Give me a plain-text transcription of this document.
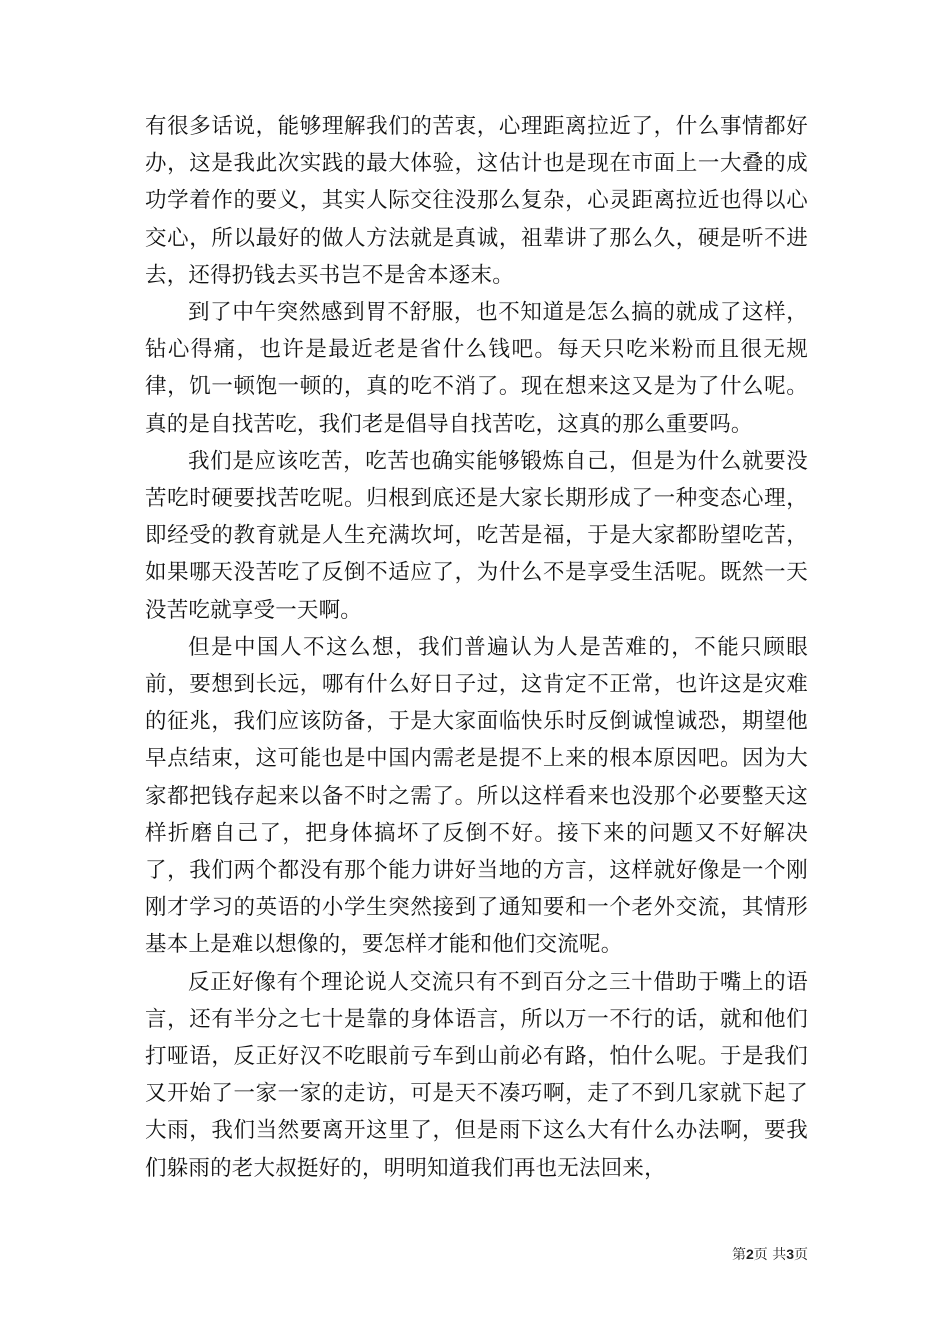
有很多话说，能够理解我们的苦衷，心理距离拉近了，什么事情都好办，这是我此次实践的最大体验，这估计也是现在市面上一大叠的成功学着作的要义，其实人际交往没那么复杂，心灵距离拉近也得以心交心，所以最好的做人方法就是真诚，祖辈讲了那么久，硬是听不进去，还得扔钱去买书岂不是舍本逐末。

到了中午突然感到胃不舒服，也不知道是怎么搞的就成了这样，钻心得痛，也许是最近老是省什么钱吧。每天只吃米粉而且很无规律，饥一顿饱一顿的，真的吃不消了。现在想来这又是为了什么呢。真的是自找苦吃，我们老是倡导自找苦吃，这真的那么重要吗。

我们是应该吃苦，吃苦也确实能够锻炼自己，但是为什么就要没苦吃时硬要找苦吃呢。归根到底还是大家长期形成了一种变态心理，即经受的教育就是人生充满坎坷，吃苦是福，于是大家都盼望吃苦，如果哪天没苦吃了反倒不适应了，为什么不是享受生活呢。既然一天没苦吃就享受一天啊。

但是中国人不这么想，我们普遍认为人是苦难的，不能只顾眼前，要想到长远，哪有什么好日子过，这肯定不正常，也许这是灾难的征兆，我们应该防备，于是大家面临快乐时反倒诚惶诚恐，期望他早点结束，这可能也是中国内需老是提不上来的根本原因吧。因为大家都把钱存起来以备不时之需了。所以这样看来也没那个必要整天这样折磨自己了，把身体搞坏了反倒不好。接下来的问题又不好解决了，我们两个都没有那个能力讲好当地的方言，这样就好像是一个刚刚才学习的英语的小学生突然接到了通知要和一个老外交流，其情形基本上是难以想像的，要怎样才能和他们交流呢。

反正好像有个理论说人交流只有不到百分之三十借助于嘴上的语言，还有半分之七十是靠的身体语言，所以万一不行的话，就和他们打哑语，反正好汉不吃眼前亏车到山前必有路，怕什么呢。于是我们又开始了一家一家的走访，可是天不凑巧啊，走了不到几家就下起了大雨，我们当然要离开这里了，但是雨下这么大有什么办法啊，要我们躲雨的老大叔挺好的，明明知道我们再也无法回来，

第2页 共3页
